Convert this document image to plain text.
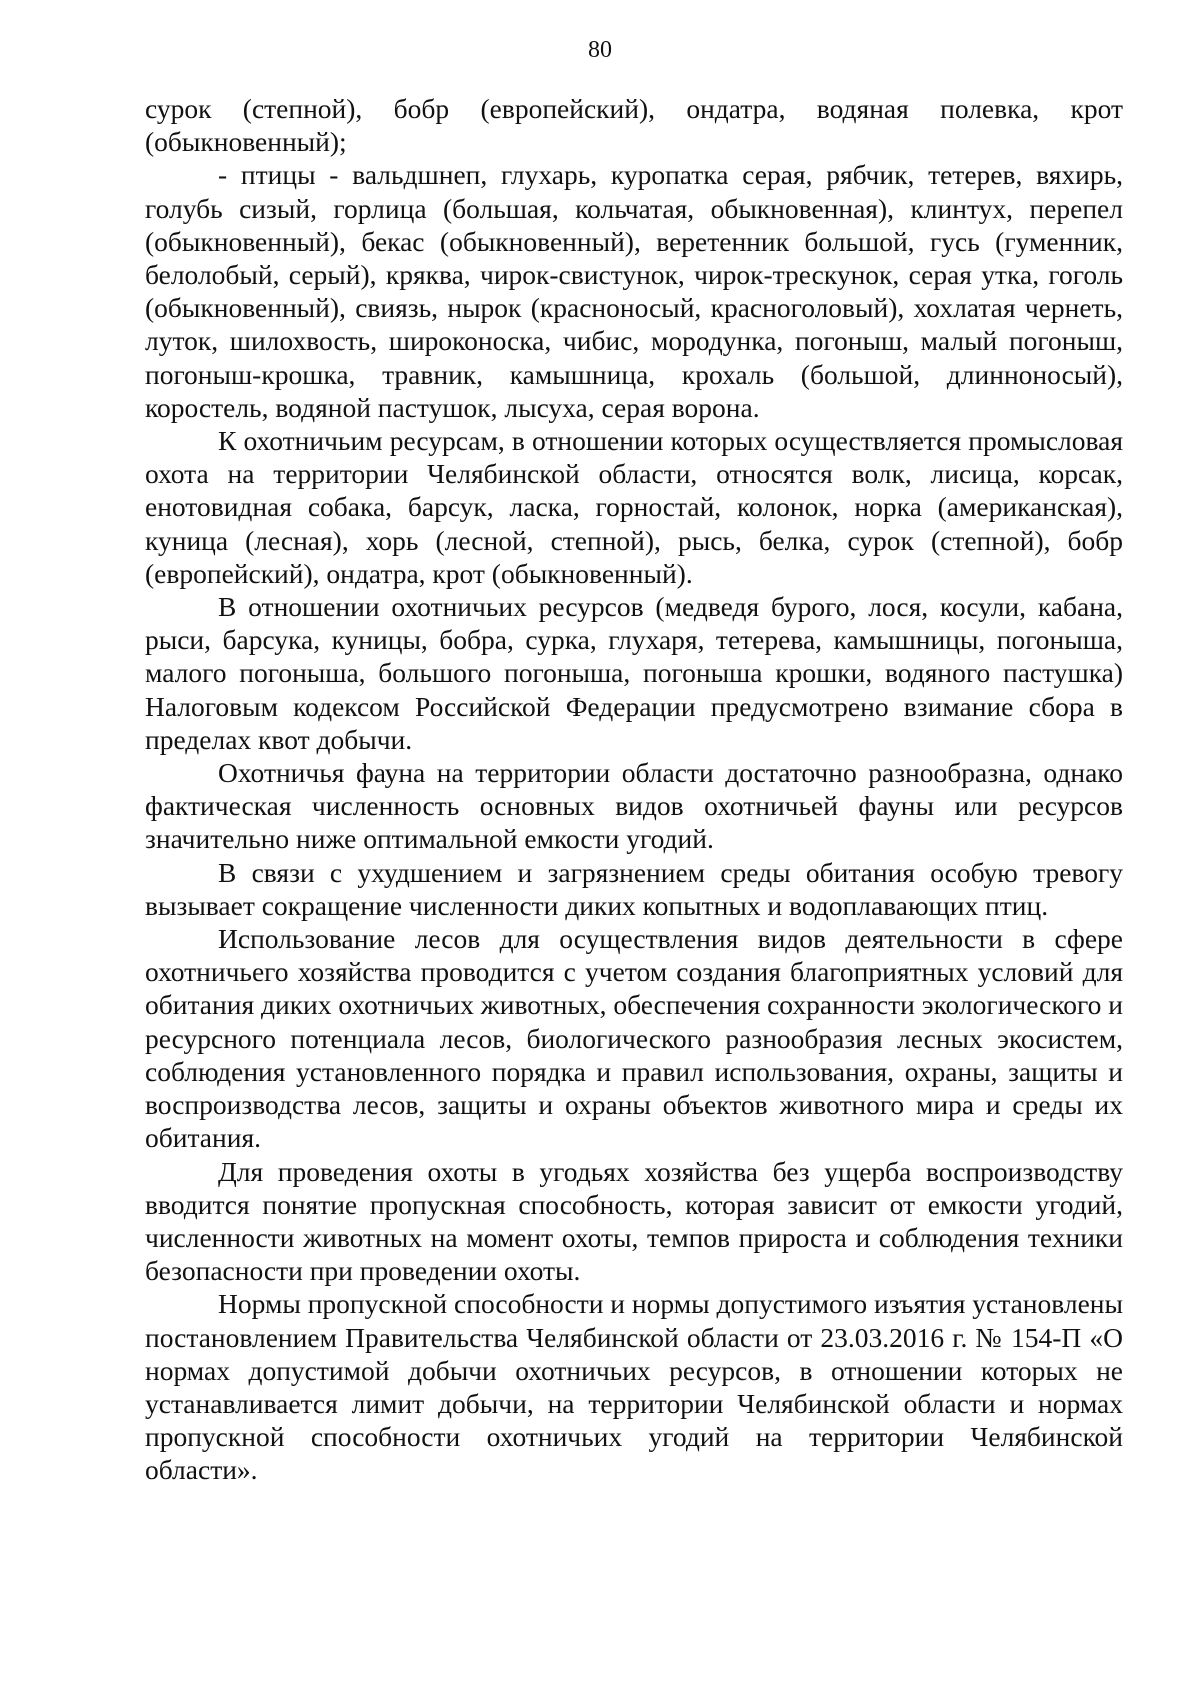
80

сурок (степной), бобр (европейский), ондатра, водяная полевка, крот (обыкновенный);

- птицы - вальдшнеп, глухарь, куропатка серая, рябчик, тетерев, вяхирь, голубь сизый, горлица (большая, кольчатая, обыкновенная), клинтух, перепел (обыкновенный), бекас (обыкновенный), веретенник большой, гусь (гуменник, белолобый, серый), кряква, чирок-свистунок, чирок-трескунок, серая утка, гоголь (обыкновенный), свиязь, нырок (красноносый, красноголовый), хохлатая чернеть, луток, шилохвость, широконоска, чибис, мородунка, погоныш, малый погоныш, погоныш-крошка, травник, камышница, крохаль (большой, длинноносый), коростель, водяной пастушок, лысуха, серая ворона.

К охотничьим ресурсам, в отношении которых осуществляется промысловая охота на территории Челябинской области, относятся волк, лисица, корсак, енотовидная собака, барсук, ласка, горностай, колонок, норка (американская), куница (лесная), хорь (лесной, степной), рысь, белка, сурок (степной), бобр (европейский), ондатра, крот (обыкновенный).

В отношении охотничьих ресурсов (медведя бурого, лося, косули, кабана, рыси, барсука, куницы, бобра, сурка, глухаря, тетерева, камышницы, погоныша, малого погоныша, большого погоныша, погоныша крошки, водяного пастушка) Налоговым кодексом Российской Федерации предусмотрено взимание сбора в пределах квот добычи.

Охотничья фауна на территории области достаточно разнообразна, однако фактическая численность основных видов охотничьей фауны или ресурсов значительно ниже оптимальной емкости угодий.

В связи с ухудшением и загрязнением среды обитания особую тревогу вызывает сокращение численности диких копытных и водоплавающих птиц.

Использование лесов для осуществления видов деятельности в сфере охотничьего хозяйства проводится с учетом создания благоприятных условий для обитания диких охотничьих животных, обеспечения сохранности экологического и ресурсного потенциала лесов, биологического разнообразия лесных экосистем, соблюдения установленного порядка и правил использования, охраны, защиты и воспроизводства лесов, защиты и охраны объектов животного мира и среды их обитания.

Для проведения охоты в угодьях хозяйства без ущерба воспроизводству вводится понятие пропускная способность, которая зависит от емкости угодий, численности животных на момент охоты, темпов прироста и соблюдения техники безопасности при проведении охоты.

Нормы пропускной способности и нормы допустимого изъятия установлены постановлением Правительства Челябинской области от 23.03.2016 г. № 154-П «О нормах допустимой добычи охотничьих ресурсов, в отношении которых не устанавливается лимит добычи, на территории Челябинской области и нормах пропускной способности охотничьих угодий на территории Челябинской области».
